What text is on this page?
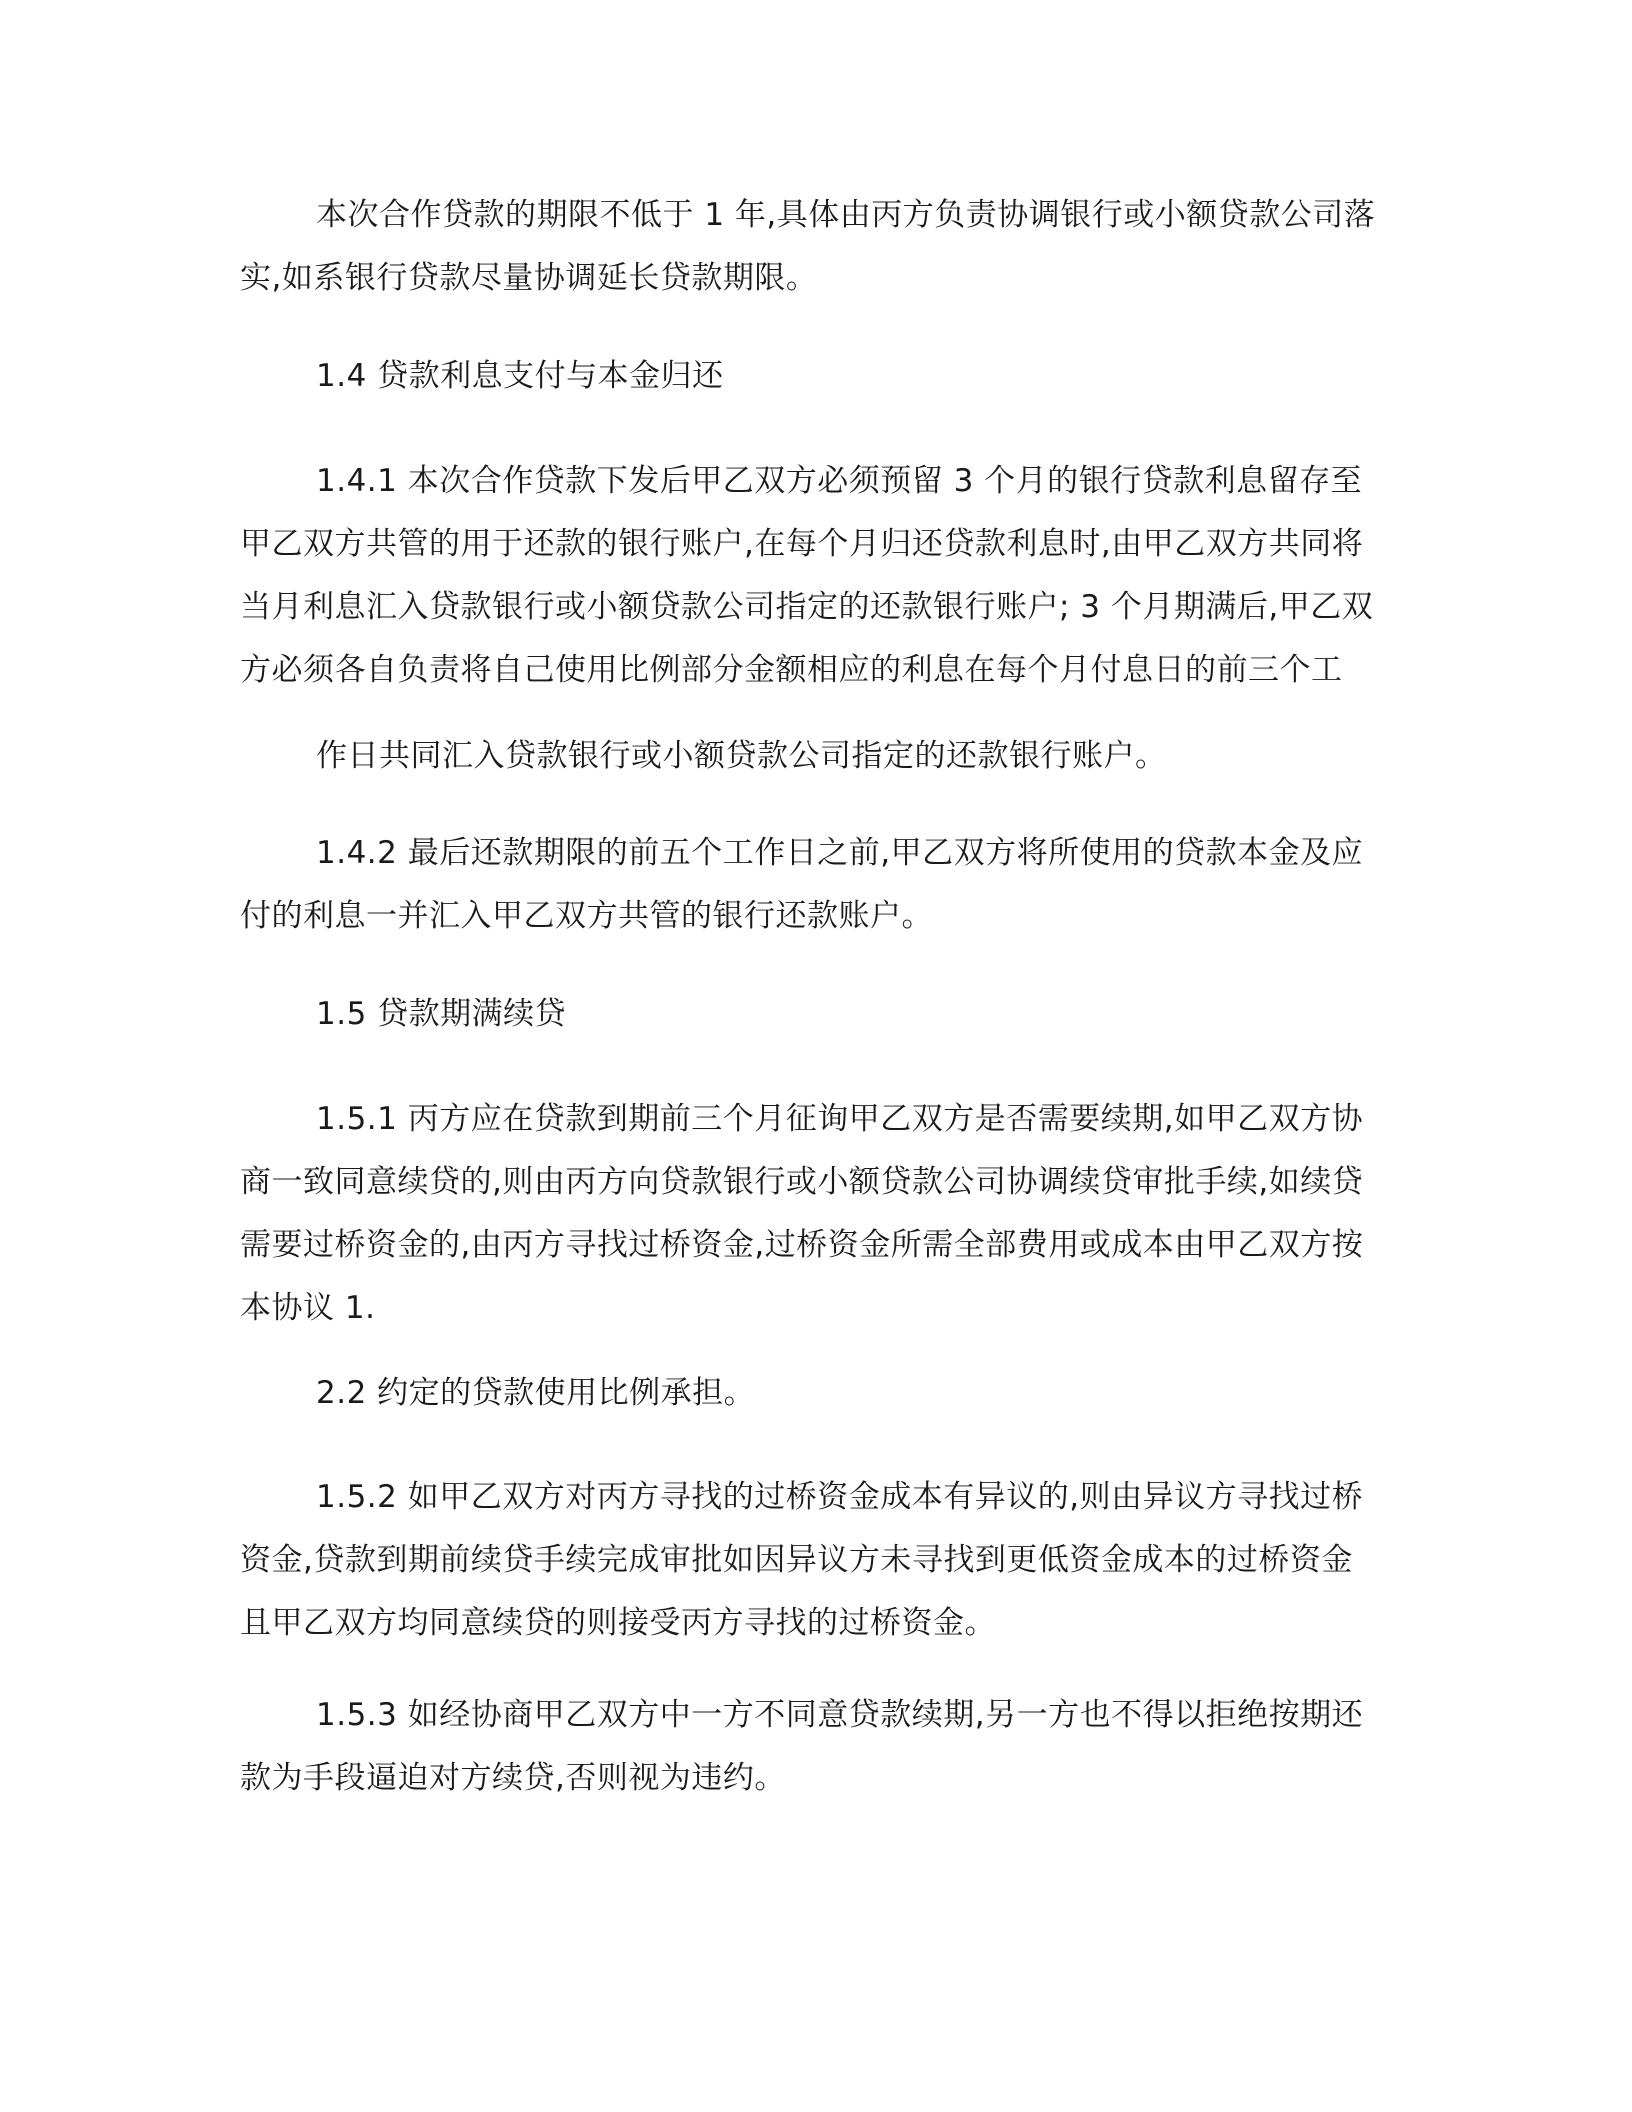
本次合作贷款的期限不低于 1 年,具体由丙方负责协调银行或小额贷款公司落实,如系银行贷款尽量协调延长贷款期限。

1.4 贷款利息支付与本金归还

1.4.1 本次合作贷款下发后甲乙双方必须预留 3 个月的银行贷款利息留存至甲乙双方共管的用于还款的银行账户,在每个月归还贷款利息时,由甲乙双方共同将当月利息汇入贷款银行或小额贷款公司指定的还款银行账户; 3 个月期满后,甲乙双方必须各自负责将自己使用比例部分金额相应的利息在每个月付息日的前三个工

作日共同汇入贷款银行或小额贷款公司指定的还款银行账户。

1.4.2 最后还款期限的前五个工作日之前,甲乙双方将所使用的贷款本金及应付的利息一并汇入甲乙双方共管的银行还款账户。

1.5 贷款期满续贷

1.5.1 丙方应在贷款到期前三个月征询甲乙双方是否需要续期,如甲乙双方协商一致同意续贷的,则由丙方向贷款银行或小额贷款公司协调续贷审批手续,如续贷需要过桥资金的,由丙方寻找过桥资金,过桥资金所需全部费用或成本由甲乙双方按本协议 1.

2.2 约定的贷款使用比例承担。

1.5.2 如甲乙双方对丙方寻找的过桥资金成本有异议的,则由异议方寻找过桥资金,贷款到期前续贷手续完成审批如因异议方未寻找到更低资金成本的过桥资金且甲乙双方均同意续贷的则接受丙方寻找的过桥资金。

1.5.3 如经协商甲乙双方中一方不同意贷款续期,另一方也不得以拒绝按期还款为手段逼迫对方续贷,否则视为违约。
